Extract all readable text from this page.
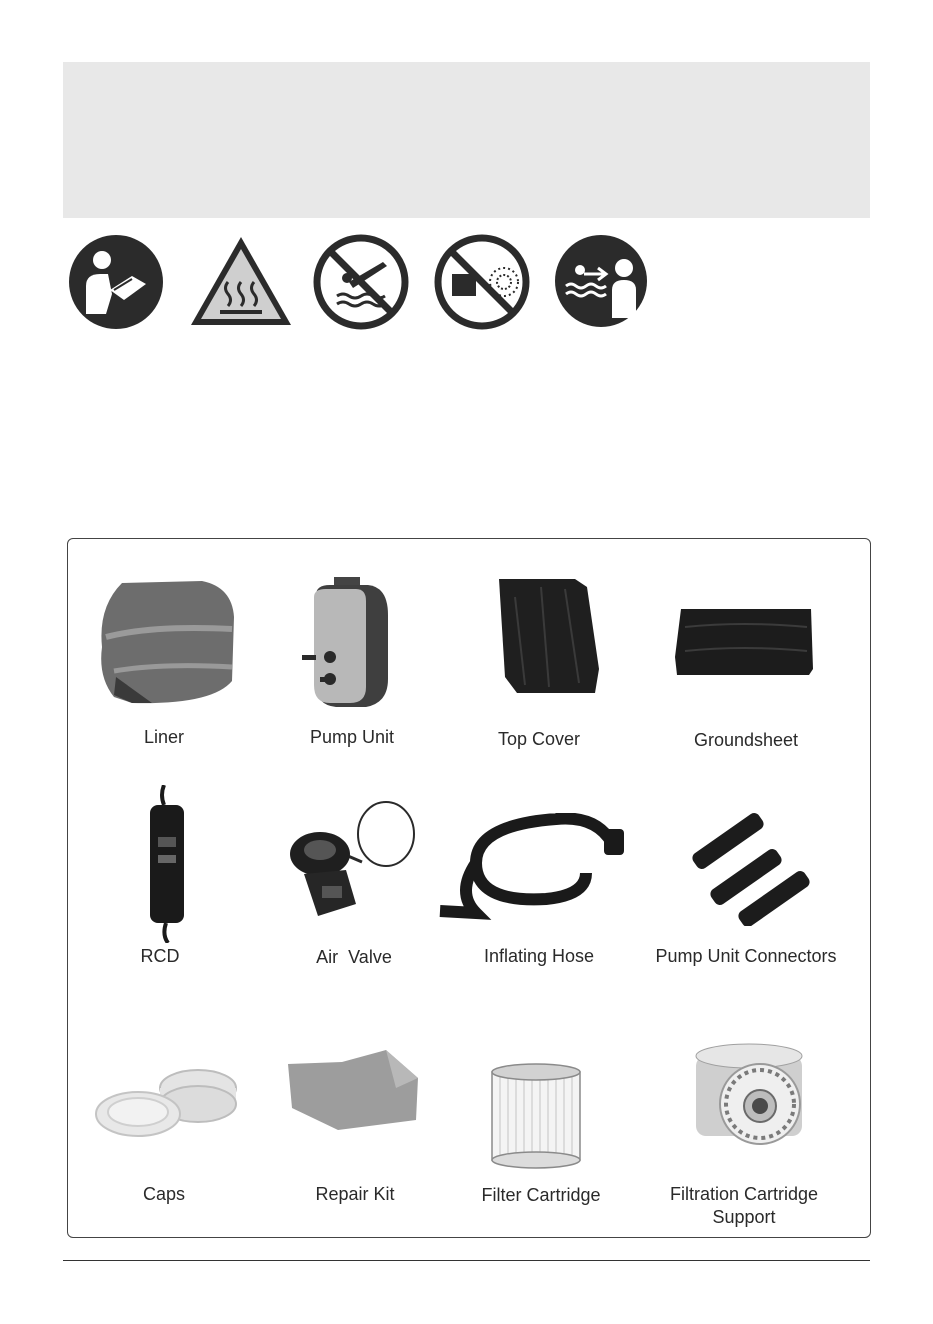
Liner	Pump Unit	Top Cover	Groundsheet
RCD	Air  Valve	Inflating Hose	Pump Unit Connectors
Caps	Repair Kit	Filter Cartridge	Filtration Cartridge Support
